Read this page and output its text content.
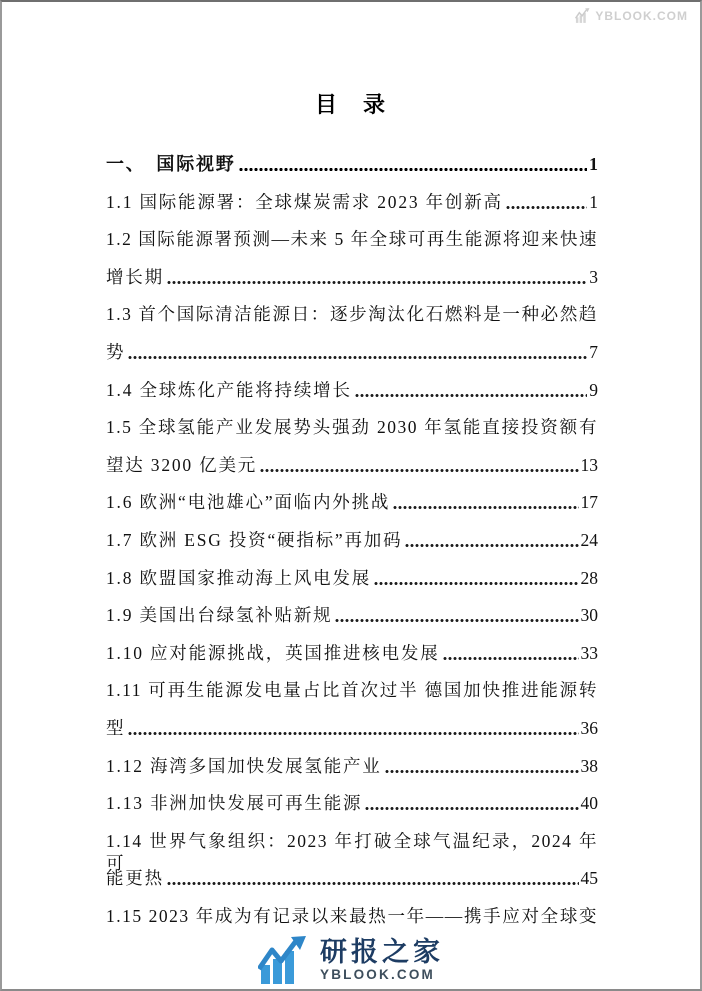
YBLOOK.COM
目　录
一、　国际视野	1
1.1 国际能源署：全球煤炭需求 2023 年创新高	1
1.2 国际能源署预测—未来 5 年全球可再生能源将迎来快速
增长期	3
1.3 首个国际清洁能源日：逐步淘汰化石燃料是一种必然趋
势	7
1.4 全球炼化产能将持续增长	9
1.5 全球氢能产业发展势头强劲 2030 年氢能直接投资额有
望达 3200 亿美元	13
1.6 欧洲“电池雄心”面临内外挑战	17
1.7 欧洲 ESG 投资“硬指标”再加码	24
1.8 欧盟国家推动海上风电发展	28
1.9 美国出台绿氢补贴新规	30
1.10 应对能源挑战，英国推进核电发展	33
1.11 可再生能源发电量占比首次过半 德国加快推进能源转
型	36
1.12 海湾多国加快发展氢能产业	38
1.13 非洲加快发展可再生能源	40
1.14 世界气象组织：2023 年打破全球气温纪录，2024 年可
能更热	45
1.15 2023 年成为有记录以来最热一年——携手应对全球变
研报之家
YBLOOK.COM
